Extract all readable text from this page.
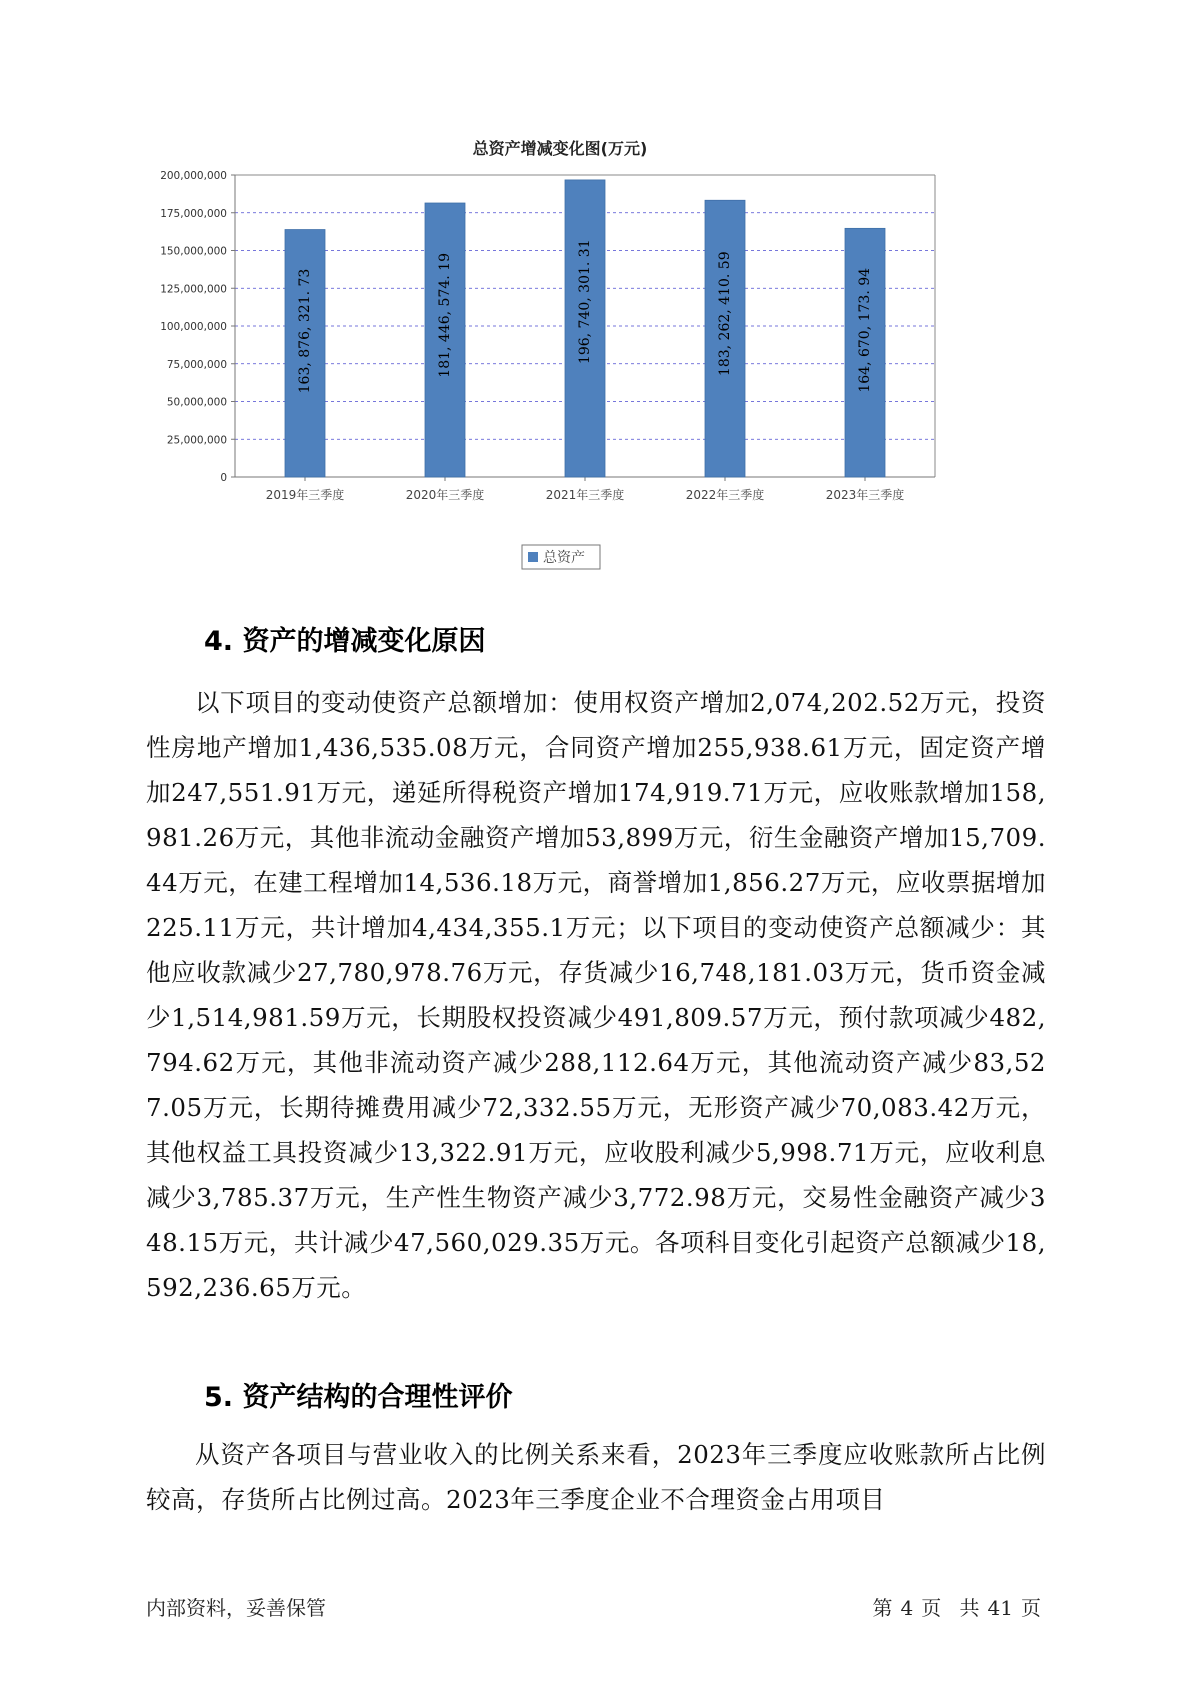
总资产增减变化图(万元)
0
25,000,000
50,000,000
75,000,000
100,000,000
125,000,000
150,000,000
175,000,000
200,000,000
163, 876, 321. 73	181, 446, 574. 19	196, 740, 301. 31	183, 262, 410. 59	164, 670, 173. 94
2019年三季度	2020年三季度	2021年三季度	2022年三季度	2023年三季度
总资产
4. 资产的增减变化原因

以下项目的变动使资产总额增加：使用权资产增加2,074,202.52万元，投资性房地产增加1,436,535.08万元，合同资产增加255,938.61万元，固定资产增加247,551.91万元，递延所得税资产增加174,919.71万元，应收账款增加158,981.26万元，其他非流动金融资产增加53,899万元，衍生金融资产增加15,709.44万元，在建工程增加14,536.18万元，商誉增加1,856.27万元，应收票据增加225.11万元，共计增加4,434,355.1万元；以下项目的变动使资产总额减少：其他应收款减少27,780,978.76万元，存货减少16,748,181.03万元，货币资金减少1,514,981.59万元，长期股权投资减少491,809.57万元，预付款项减少482,794.62万元，其他非流动资产减少288,112.64万元，其他流动资产减少83,527.05万元，长期待摊费用减少72,332.55万元，无形资产减少70,083.42万元，其他权益工具投资减少13,322.91万元，应收股利减少5,998.71万元，应收利息减少3,785.37万元，生产性生物资产减少3,772.98万元，交易性金融资产减少348.15万元，共计减少47,560,029.35万元。各项科目变化引起资产总额减少18,592,236.65万元。

5. 资产结构的合理性评价

从资产各项目与营业收入的比例关系来看，2023年三季度应收账款所占比例较高，存货所占比例过高。2023年三季度企业不合理资金占用项目

内部资料，妥善保管	第 4 页 共 41 页
